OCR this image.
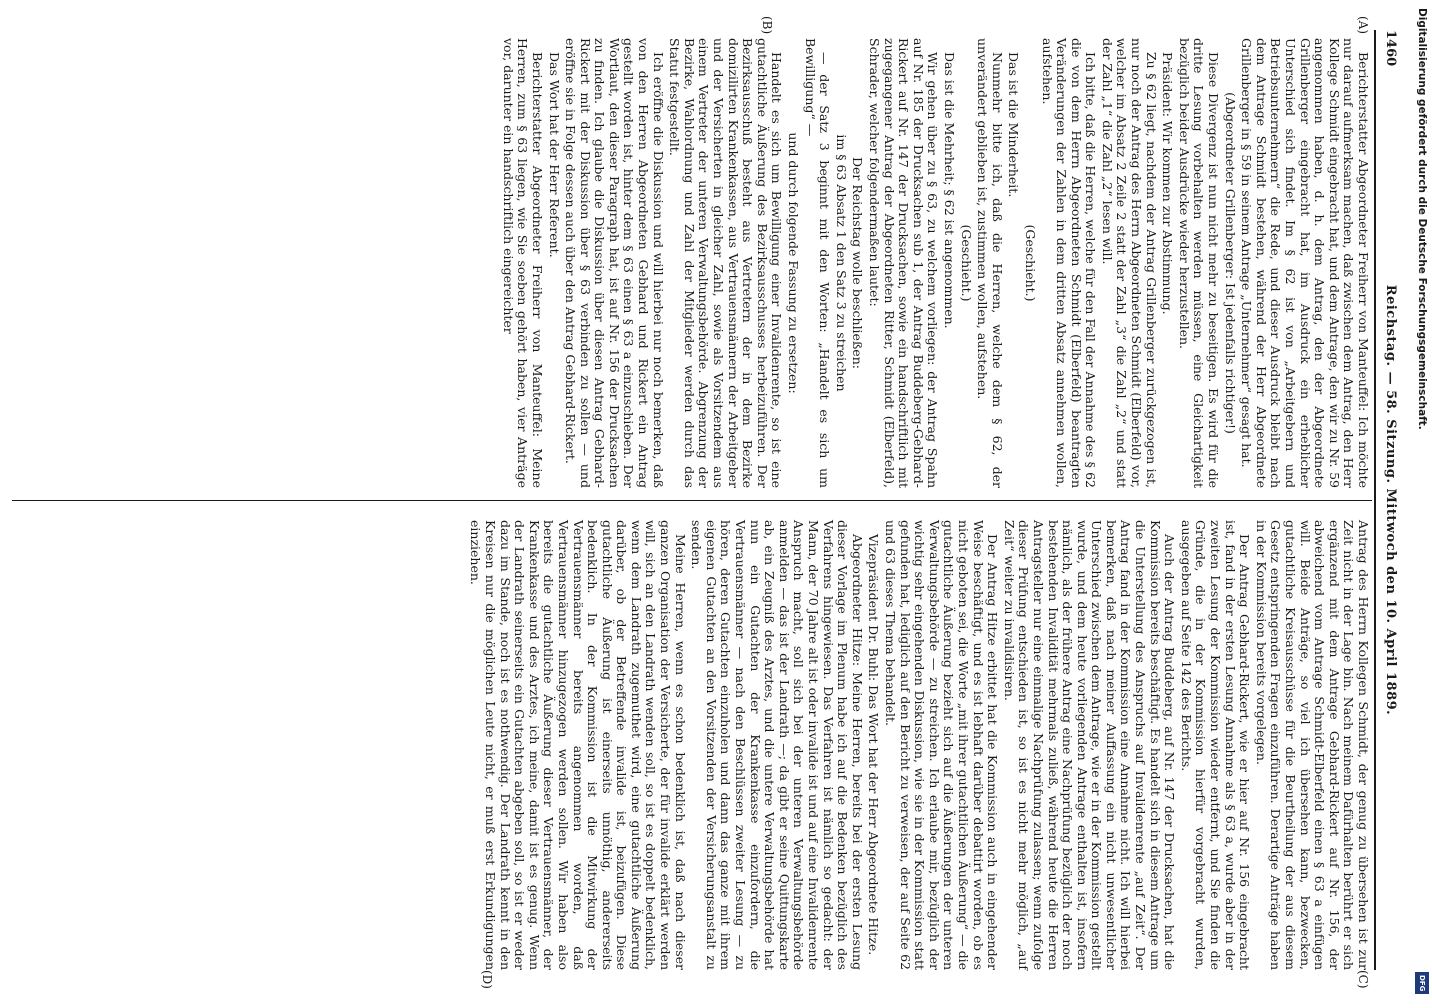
1460
Reichstag. — 58. Sitzung. Mittwoch den 10. April 1889.
(A)
(B)
(C)
(D)

Berichterstatter Abgeordneter Freiherr von Manteuffel: Ich möchte nur darauf aufmerksam machen, daß zwischen dem Antrag, den Herr Kollege Schmidt eingebracht hat, und dem Antrage, den wir zu Nr. 59 angenommen haben, d. h. dem Antrag, den der Abgeordnete Grillenberger eingebracht hat, im Ausdruck ein erheblicher Unterschied sich findet. Im § 62 ist von „Arbeitgebern und Betriebsunternehmern“ die Rede, und dieser Ausdruck bleibt nach dem Antrage Schmidt bestehen, während der Herr Abgeordnete Grillenberger in § 59 in seinem Antrage „Unternehmer“ gesagt hat.

(Abgeordneter Grillenberger: Ist jedenfalls richtiger!)

Diese Divergenz ist nun nicht mehr zu beseitigen. Es wird für die dritte Lesung vorbehalten werden müssen, eine Gleichartigkeit bezüglich beider Ausdrücke wieder herzustellen.

Präsident: Wir kommen zur Abstimmung.

Zu § 62 liegt, nachdem der Antrag Grillenberger zurückgezogen ist, nur noch der Antrag des Herrn Abgeordneten Schmidt (Elberfeld) vor, welcher im Absatz 2 Zeile 2 statt der Zahl „3“ die Zahl „2“ und statt der Zahl „1“ die Zahl „2“ lesen will.

Ich bitte, daß die Herren, welche für den Fall der Annahme des § 62 die von dem Herrn Abgeordneten Schmidt (Elberfeld) beantragten Veränderungen der Zahlen in dem dritten Absatz annehmen wollen, aufstehen.

(Geschieht.)

Das ist die Minderheit.

Nunmehr bitte ich, daß die Herren, welche dem § 62, der unverändert geblieben ist, zustimmen wollen, aufstehen.

(Geschieht.)

Das ist die Mehrheit; § 62 ist angenommen.

Wir gehen über zu § 63, zu welchem vorliegen: der Antrag Spahn auf Nr. 185 der Drucksachen sub 1, der Antrag Buddeberg-Gebhard-Rickert auf Nr. 147 der Drucksachen, sowie ein handschriftlich mit zugegangener Antrag der Abgeordneten Ritter, Schmidt (Elberfeld), Schrader, welcher folgendermaßen lautet:

Der Reichstag wolle beschließen:

im § 63 Absatz 1 den Satz 3 zu streichen

— der Satz 3 beginnt mit den Worten: „Handelt es sich um Bewilligung“ —

und durch folgende Fassung zu ersetzen:

Handelt es sich um Bewilligung einer Invalidenrente, so ist eine gutachtliche Äußerung des Bezirksausschusses herbeizuführen. Der Bezirksausschuß besteht aus Vertretern der in dem Bezirke domizilirten Krankenkassen, aus Vertrauensmännern der Arbeitgeber und der Versicherten in gleicher Zahl, sowie als Vorsitzendem aus einem Vertreter der unteren Verwaltungsbehörde. Abgrenzung der Bezirke, Wahlordnung und Zahl der Mitglieder werden durch das Statut festgestellt.

Ich eröffne die Diskussion und will hierbei nur noch bemerken, daß von den Herren Abgeordneten Gebhard und Rickert ein Antrag gestellt worden ist, hinter dem § 63 einen § 63 a einzuschieben. Der Wortlaut, den dieser Paragraph hat, ist auf Nr. 156 der Drucksachen zu finden. Ich glaube die Diskussion über diesen Antrag Gebhard-Rickert mit der Diskussion über § 63 verbinden zu sollen — und eröffne sie in Folge dessen auch über den Antrag Gebhard-Rickert.

Das Wort hat der Herr Referent.

Berichterstatter Abgeordneter Freiherr von Manteuffel: Meine Herren, zum § 63 liegen, wie Sie soeben gehört haben, vier Anträge vor, darunter ein handschriftlich eingereichter

Antrag des Herrn Kollegen Schmidt, der genug zu übersehen ist zur Zeit nicht in der Lage bin. Nach meinem Dafürhalten berührt er sich ergänzend mit dem Antrage Gebhard-Rickert auf Nr. 156, der abweichend vom Antrage Schmidt-Elberfeld einen § 63 a einfügen will. Beide Anträge, so viel ich übersehen kann, bezwecken, gutachtliche Kreisausschüsse für die Beurtheilung der aus diesem Gesetz entspringenden Fragen einzuführen. Derartige Anträge haben in der Kommission bereits vorgelegen.

Der Antrag Gebhard-Rickert, wie er hier auf Nr. 156 eingebracht ist, fand in der ersten Lesung Annahme als § 63 a, wurde aber in der zweiten Lesung der Kommission wieder entfernt, und Sie finden die Gründe, die in der Kommission hierfür vorgebracht wurden, ausgegeben auf Seite 142 des Berichts.

Auch der Antrag Buddeberg, auf Nr. 147 der Drucksachen, hat die Kommission bereits beschäftigt. Es handelt sich in diesem Antrage um die Unterstellung des Anspruchs auf Invalidenrente „auf Zeit“. Der Antrag fand in der Kommission eine Annahme nicht. Ich will hierbei bemerken, daß nach meiner Auffassung ein nicht unwesentlicher Unterschied zwischen dem Antrage, wie er in der Kommission gestellt wurde, und dem heute vorliegenden Antrage enthalten ist, insofern nämlich, als der frühere Antrag eine Nachprüfung bezüglich der noch bestehenden Invalidität mehrmals zuließ, während heute die Herren Antragsteller nur eine einmalige Nachprüfung zulassen; wenn zufolge dieser Prüfung entschieden ist, so ist es nicht mehr möglich, „auf Zeit“ weiter zu invalidisiren.

Der Antrag Hitze erbittet hat die Kommission auch in eingehender Weise beschäftigt, und es ist lebhaft darüber debattirt worden, ob es nicht geboten sei, die Worte „mit ihrer gutachtlichen Äußerung“ — die gutachtliche Äußerung bezieht sich auf die Äußerungen der unteren Verwaltungsbehörde — zu streichen. Ich erlaube mir, bezüglich der wichtig sehr eingehenden Diskussion, wie sie in der Kommission statt gefunden hat, lediglich auf den Bericht zu verweisen, der auf Seite 62 und 63 dieses Thema behandelt.

Vizepräsident Dr. Buhl: Das Wort hat der Herr Abgeordnete Hitze.

Abgeordneter Hitze: Meine Herren, bereits bei der ersten Lesung dieser Vorlage im Plenum habe ich auf die Bedenken bezüglich des Verfahrens hingewiesen. Das Verfahren ist nämlich so gedacht: der Mann, der 70 Jahre alt ist oder invalide ist und auf eine Invalidenrente Anspruch macht, soll sich bei der unteren Verwaltungsbehörde anmelden — das ist der Landrath —; da gibt er seine Quittungskarte ab, ein Zeugniß des Arztes, und die untere Verwaltungsbehörde hat nun ein Gutachten der Krankenkasse einzufordern, die Vertrauensmänner — nach den Beschlüssen zweiter Lesung — zu hören, deren Gutachten einzuholen und dann das ganze mit ihrem eigenen Gutachten an den Vorsitzenden der Versicherungsanstalt zu senden.

Meine Herren, wenn es schon bedenklich ist, daß nach dieser ganzen Organisation der Versicherte, der für invalide erklärt werden will, sich an den Landrath wenden soll, so ist es doppelt bedenklich, wenn dem Landrath zugemuthet wird, eine gutachtliche Äußerung darüber, ob der Betreffende invalide ist, beizufügen. Diese gutachtliche Äußerung ist einerseits unnöthig, andererseits bedenklich. In der Kommission ist die Mitwirkung der Vertrauensmänner bereits angenommen worden, daß Vertrauensmänner hinzugezogen werden sollen. Wir haben also bereits die gutachtliche Äußerung dieser Vertrauensmänner, der Krankenkasse und des Arztes, ich meine, damit ist es genug. Wenn der Landrath seinerseits ein Gutachten abgeben soll, so ist er weder dazu im Stande, noch ist es nothwendig. Der Landrath kennt in den Kreisen nur die möglichen Leute nicht, er muß erst Erkundigungen einziehen.

Digitalisierung gefördert durch die Deutsche Forschungsgemeinschaft.
DFG
